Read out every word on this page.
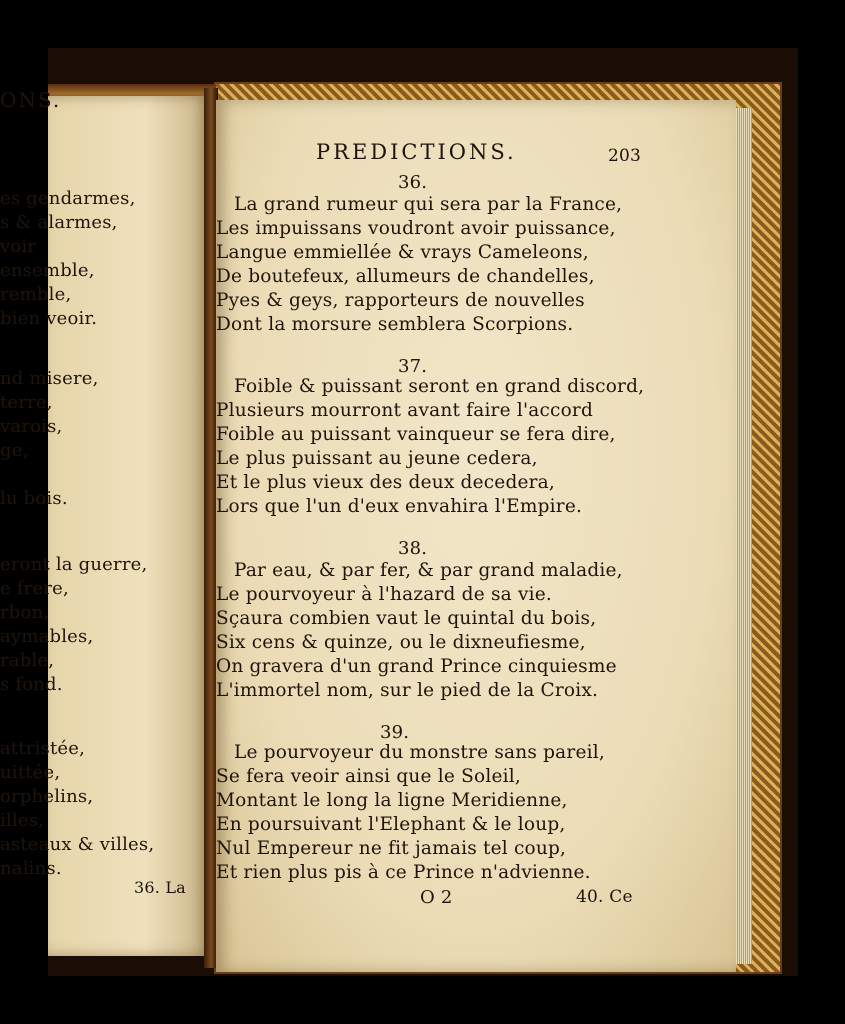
ONS.
es gendarmes,
s & alarmes,
voir
ensemble,
remble,
bien veoir.
nd misere,
terre,
varois,
ge,
lu bois.
eront la guerre,
e frere,
rbon,
aymables,
rable,
s fond.
attristée,
uittée,
orphelins,
illes,
asteaux & villes,
nalins.
36. La
PREDICTIONS.	203
36.
La grand rumeur qui sera par la France,
Les impuissans voudront avoir puissance,
Langue emmiellée & vrays Cameleons,
De boutefeux, allumeurs de chandelles,
Pyes & geys, rapporteurs de nouvelles
Dont la morsure semblera Scorpions.
37.
Foible & puissant seront en grand discord,
Plusieurs mourront avant faire l'accord
Foible au puissant vainqueur se fera dire,
Le plus puissant au jeune cedera,
Et le plus vieux des deux decedera,
Lors que l'un d'eux envahira l'Empire.
38.
Par eau, & par fer, & par grand maladie,
Le pourvoyeur à l'hazard de sa vie.
Sçaura combien vaut le quintal du bois,
Six cens & quinze, ou le dixneufiesme,
On gravera d'un grand Prince cinquiesme
L'immortel nom, sur le pied de la Croix.
39.
Le pourvoyeur du monstre sans pareil,
Se fera veoir ainsi que le Soleil,
Montant le long la ligne Meridienne,
En poursuivant l'Elephant & le loup,
Nul Empereur ne fit jamais tel coup,
Et rien plus pis à ce Prince n'advienne.
O 2	40. Ce
